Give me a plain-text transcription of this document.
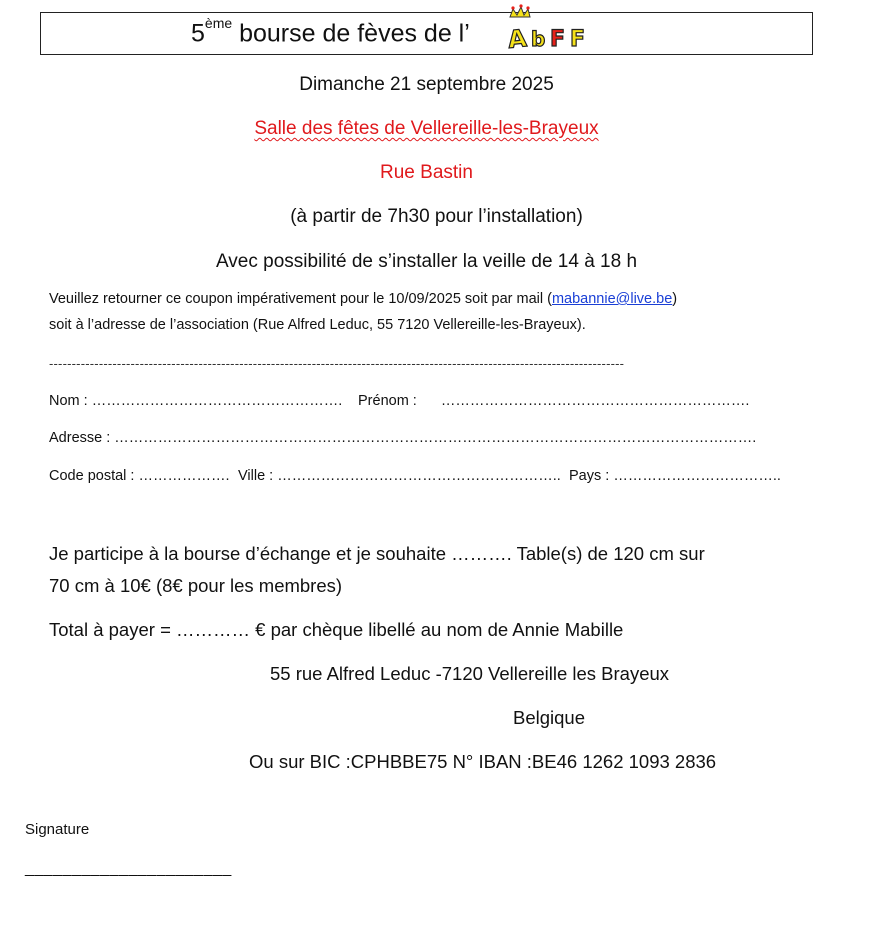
5ème bourse de fèves de l’ A b F F
Dimanche 21 septembre 2025
Salle des fêtes de Vellereille-les-Brayeux
Rue Bastin
(à partir de 7h30 pour l’installation)
Avec possibilité de s’installer la veille de 14 à 18 h
Veuillez retourner ce coupon impérativement pour le 10/09/2025 soit par mail (mabannie@live.be)
soit à l’adresse de l’association (Rue Alfred Leduc, 55 7120 Vellereille-les-Brayeux).
-------------------------------------------------------------------------------------------------------------------------------
Nom : ……………………………………………. Prénom : ……………………………………………………….
Adresse : …………………………………………………………………………………………………………………….
Code postal : ………………. Ville : ………………………………………………….. Pays : ……………………………..
Je participe à la bourse d’échange et je souhaite ………. Table(s) de 120 cm sur
70 cm à 10€ (8€ pour les membres)
Total à payer = ………… € par chèque libellé au nom de Annie Mabille
55 rue Alfred Leduc -7120 Vellereille les Brayeux
Belgique
Ou sur BIC :CPHBBE75 N° IBAN :BE46 1262 1093 2836
Signature
______________________
